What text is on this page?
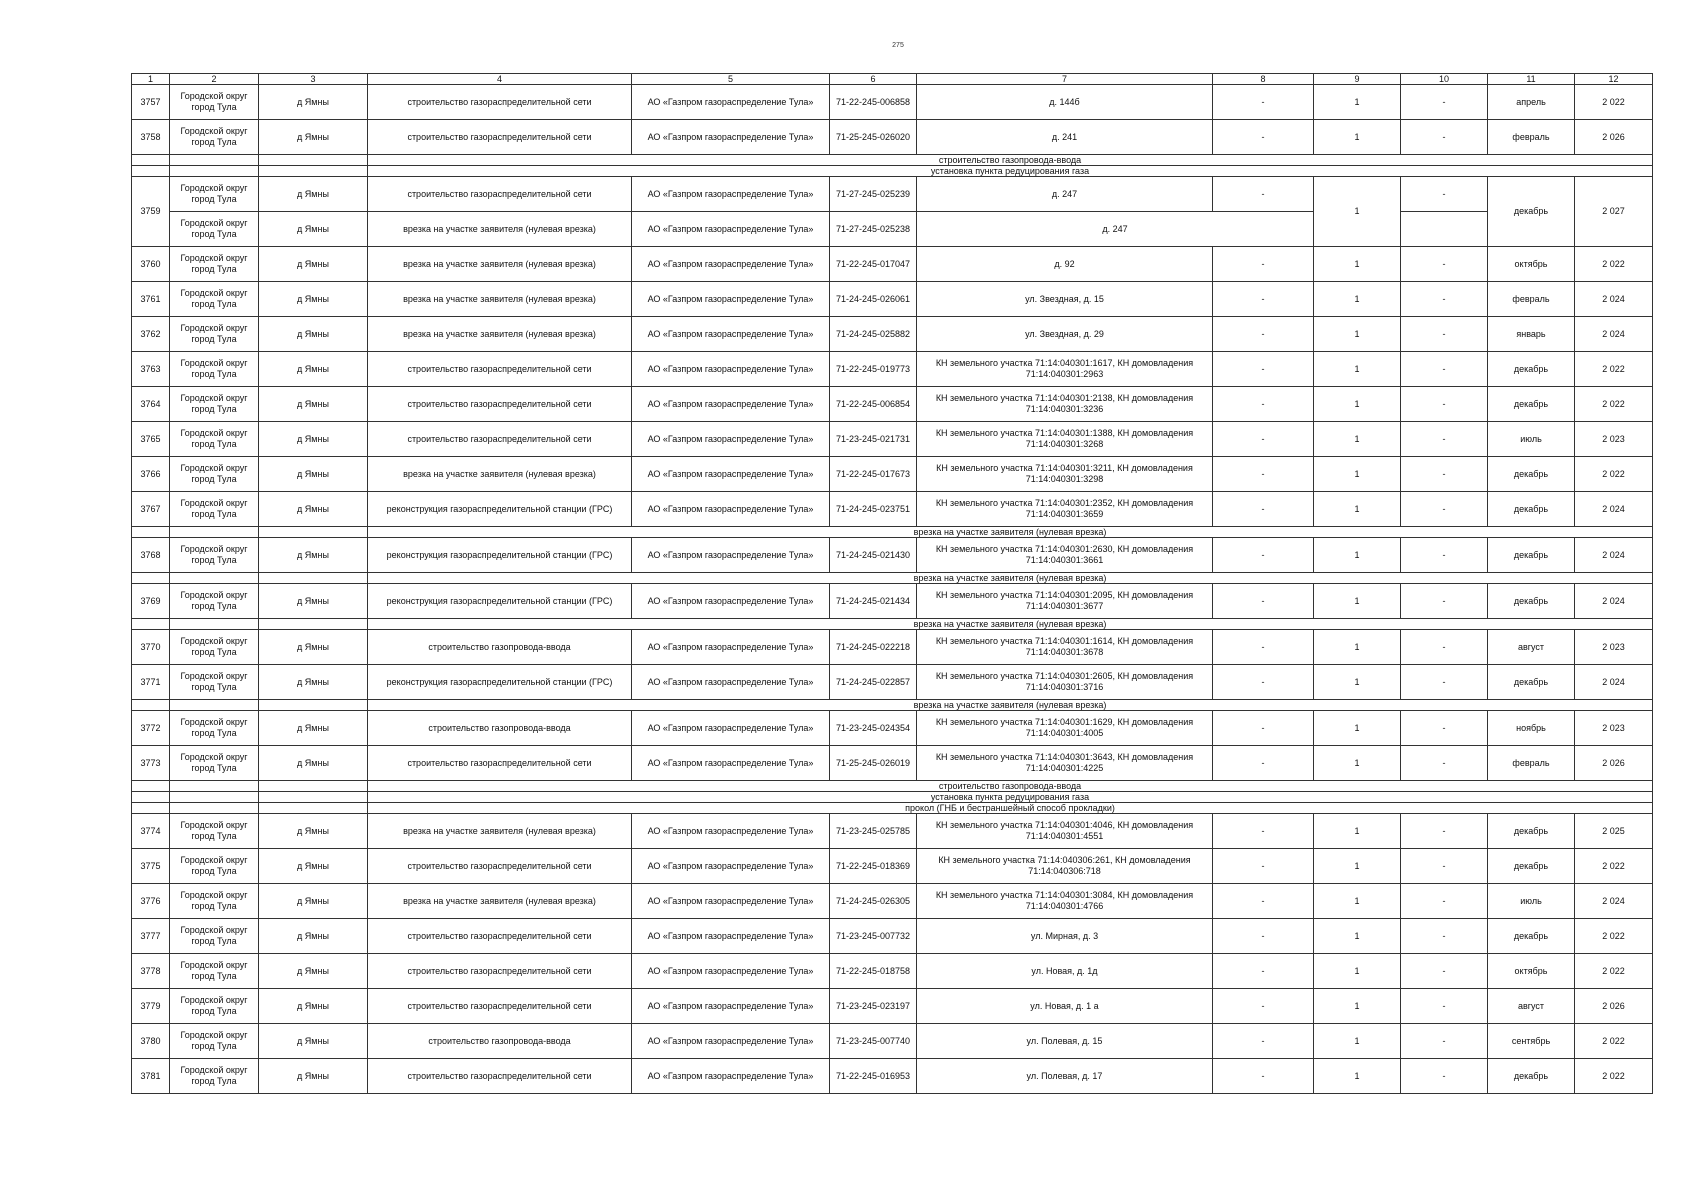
275
1	2	3	4	5	6	7	8	9	10	11	12
3757	Городской округ город Тула	д Ямны	строительство газораспределительной сети	АО «Газпром газораспределение Тула»	71-22-245-006858	д. 144б	-	1	-	апрель	2 022
3758	Городской округ город Тула	д Ямны	строительство газораспределительной сети	АО «Газпром газораспределение Тула»	71-25-245-026020	д. 241	-	1	-	февраль	2 026
			строительство газопровода-ввода								
			установка пункта редуцирования газа								
3759	Городской округ город Тула	д Ямны	строительство газораспределительной сети	АО «Газпром газораспределение Тула»	71-27-245-025239	д. 247	-	1	-	декабрь	2 027
	Городской округ город Тула	д Ямны	врезка на участке заявителя (нулевая врезка)	АО «Газпром газораспределение Тула»	71-27-245-025238	д. 247					
3760	Городской округ город Тула	д Ямны	врезка на участке заявителя (нулевая врезка)	АО «Газпром газораспределение Тула»	71-22-245-017047	д. 92	-	1	-	октябрь	2 022
3761	Городской округ город Тула	д Ямны	врезка на участке заявителя (нулевая врезка)	АО «Газпром газораспределение Тула»	71-24-245-026061	ул. Звездная, д. 15	-	1	-	февраль	2 024
3762	Городской округ город Тула	д Ямны	врезка на участке заявителя (нулевая врезка)	АО «Газпром газораспределение Тула»	71-24-245-025882	ул. Звездная, д. 29	-	1	-	январь	2 024
3763	Городской округ город Тула	д Ямны	строительство газораспределительной сети	АО «Газпром газораспределение Тула»	71-22-245-019773	КН земельного участка 71:14:040301:1617, КН домовладения 71:14:040301:2963	-	1	-	декабрь	2 022
3764	Городской округ город Тула	д Ямны	строительство газораспределительной сети	АО «Газпром газораспределение Тула»	71-22-245-006854	КН земельного участка 71:14:040301:2138, КН домовладения 71:14:040301:3236	-	1	-	декабрь	2 022
3765	Городской округ город Тула	д Ямны	строительство газораспределительной сети	АО «Газпром газораспределение Тула»	71-23-245-021731	КН земельного участка 71:14:040301:1388, КН домовладения 71:14:040301:3268	-	1	-	июль	2 023
3766	Городской округ город Тула	д Ямны	врезка на участке заявителя (нулевая врезка)	АО «Газпром газораспределение Тула»	71-22-245-017673	КН земельного участка 71:14:040301:3211, КН домовладения 71:14:040301:3298	-	1	-	декабрь	2 022
3767	Городской округ город Тула	д Ямны	реконструкция газораспределительной станции (ГРС)	АО «Газпром газораспределение Тула»	71-24-245-023751	КН земельного участка 71:14:040301:2352, КН домовладения 71:14:040301:3659	-	1	-	декабрь	2 024
			врезка на участке заявителя (нулевая врезка)								
3768	Городской округ город Тула	д Ямны	реконструкция газораспределительной станции (ГРС)	АО «Газпром газораспределение Тула»	71-24-245-021430	КН земельного участка 71:14:040301:2630, КН домовладения 71:14:040301:3661	-	1	-	декабрь	2 024
			врезка на участке заявителя (нулевая врезка)								
3769	Городской округ город Тула	д Ямны	реконструкция газораспределительной станции (ГРС)	АО «Газпром газораспределение Тула»	71-24-245-021434	КН земельного участка 71:14:040301:2095, КН домовладения 71:14:040301:3677	-	1	-	декабрь	2 024
			врезка на участке заявителя (нулевая врезка)								
3770	Городской округ город Тула	д Ямны	строительство газопровода-ввода	АО «Газпром газораспределение Тула»	71-24-245-022218	КН земельного участка 71:14:040301:1614, КН домовладения 71:14:040301:3678	-	1	-	август	2 023
3771	Городской округ город Тула	д Ямны	реконструкция газораспределительной станции (ГРС)	АО «Газпром газораспределение Тула»	71-24-245-022857	КН земельного участка 71:14:040301:2605, КН домовладения 71:14:040301:3716	-	1	-	декабрь	2 024
			врезка на участке заявителя (нулевая врезка)								
3772	Городской округ город Тула	д Ямны	строительство газопровода-ввода	АО «Газпром газораспределение Тула»	71-23-245-024354	КН земельного участка 71:14:040301:1629, КН домовладения 71:14:040301:4005	-	1	-	ноябрь	2 023
3773	Городской округ город Тула	д Ямны	строительство газораспределительной сети	АО «Газпром газораспределение Тула»	71-25-245-026019	КН земельного участка 71:14:040301:3643, КН домовладения 71:14:040301:4225	-	1	-	февраль	2 026
			строительство газопровода-ввода								
			установка пункта редуцирования газа								
			прокол (ГНБ и бестраншейный способ прокладки)								
3774	Городской округ город Тула	д Ямны	врезка на участке заявителя (нулевая врезка)	АО «Газпром газораспределение Тула»	71-23-245-025785	КН земельного участка 71:14:040301:4046, КН домовладения 71:14:040301:4551	-	1	-	декабрь	2 025
3775	Городской округ город Тула	д Ямны	строительство газораспределительной сети	АО «Газпром газораспределение Тула»	71-22-245-018369	КН земельного участка 71:14:040306:261, КН домовладения 71:14:040306:718	-	1	-	декабрь	2 022
3776	Городской округ город Тула	д Ямны	врезка на участке заявителя (нулевая врезка)	АО «Газпром газораспределение Тула»	71-24-245-026305	КН земельного участка 71:14:040301:3084, КН домовладения 71:14:040301:4766	-	1	-	июль	2 024
3777	Городской округ город Тула	д Ямны	строительство газораспределительной сети	АО «Газпром газораспределение Тула»	71-23-245-007732	ул. Мирная, д. 3	-	1	-	декабрь	2 022
3778	Городской округ город Тула	д Ямны	строительство газораспределительной сети	АО «Газпром газораспределение Тула»	71-22-245-018758	ул. Новая, д. 1д	-	1	-	октябрь	2 022
3779	Городской округ город Тула	д Ямны	строительство газораспределительной сети	АО «Газпром газораспределение Тула»	71-23-245-023197	ул. Новая, д. 1 а	-	1	-	август	2 026
3780	Городской округ город Тула	д Ямны	строительство газопровода-ввода	АО «Газпром газораспределение Тула»	71-23-245-007740	ул. Полевая, д. 15	-	1	-	сентябрь	2 022
3781	Городской округ город Тула	д Ямны	строительство газораспределительной сети	АО «Газпром газораспределение Тула»	71-22-245-016953	ул. Полевая, д. 17	-	1	-	декабрь	2 022
